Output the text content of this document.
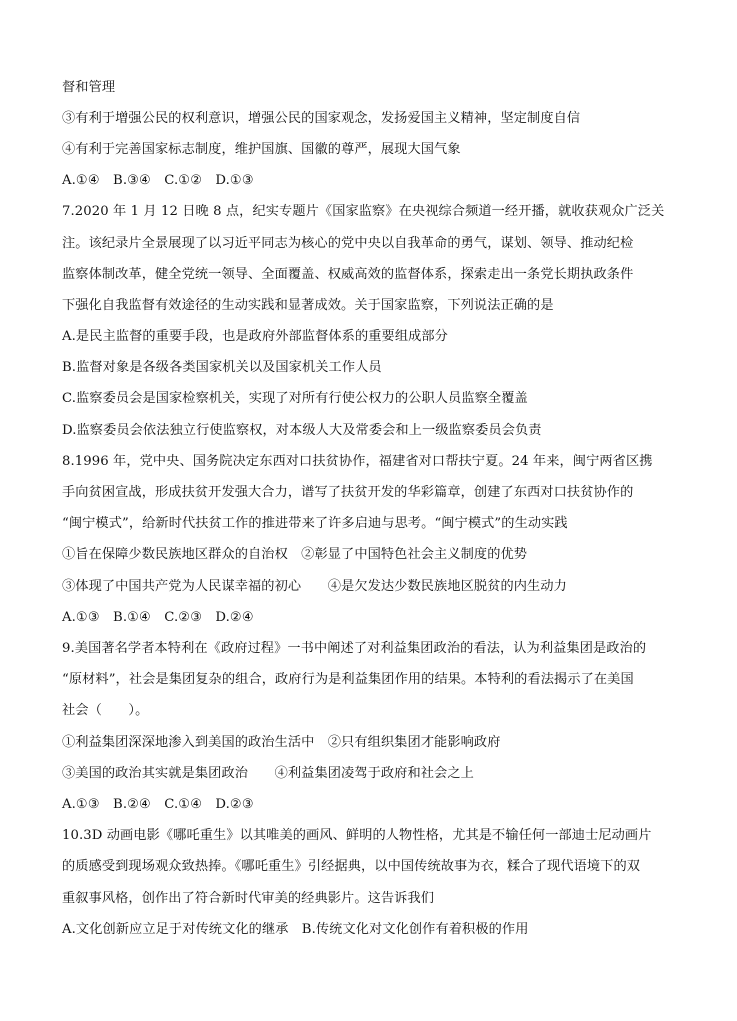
督和管理
③有利于增强公民的权利意识，增强公民的国家观念，发扬爱国主义精神，坚定制度自信
④有利于完善国家标志制度，维护国旗、国徽的尊严，展现大国气象
A.①④　B.③④　C.①②　D.①③
7.2020 年 1 月 12 日晚 8 点，纪实专题片《国家监察》在央视综合频道一经开播，就收获观众广泛关
注。该纪录片全景展现了以习近平同志为核心的党中央以自我革命的勇气，谋划、领导、推动纪检
监察体制改革，健全党统一领导、全面覆盖、权威高效的监督体系，探索走出一条党长期执政条件
下强化自我监督有效途径的生动实践和显著成效。关于国家监察，下列说法正确的是
A.是民主监督的重要手段，也是政府外部监督体系的重要组成部分
B.监督对象是各级各类国家机关以及国家机关工作人员
C.监察委员会是国家检察机关，实现了对所有行使公权力的公职人员监察全覆盖
D.监察委员会依法独立行使监察权，对本级人大及常委会和上一级监察委员会负责
8.1996 年，党中央、国务院决定东西对口扶贫协作，福建省对口帮扶宁夏。24 年来，闽宁两省区携
手向贫困宣战，形成扶贫开发强大合力，谱写了扶贫开发的华彩篇章，创建了东西对口扶贫协作的
“闽宁模式”，给新时代扶贫工作的推进带来了许多启迪与思考。“闽宁模式”的生动实践
①旨在保障少数民族地区群众的自治权　②彰显了中国特色社会主义制度的优势
③体现了中国共产党为人民谋幸福的初心　　④是欠发达少数民族地区脱贫的内生动力
A.①③　B.①④　C.②③　D.②④
9.美国著名学者本特利在《政府过程》一书中阐述了对利益集团政治的看法，认为利益集团是政治的
“原材料”，社会是集团复杂的组合，政府行为是利益集团作用的结果。本特利的看法揭示了在美国
社会（　　）。
①利益集团深深地渗入到美国的政治生活中　②只有组织集团才能影响政府
③美国的政治其实就是集团政治　　④利益集团凌驾于政府和社会之上
A.①③　B.②④　C.①④　D.②③
10.3D 动画电影《哪吒重生》以其唯美的画风、鲜明的人物性格，尤其是不输任何一部迪士尼动画片
的质感受到现场观众致热捧。《哪吒重生》引经据典，以中国传统故事为衣，糅合了现代语境下的双
重叙事风格，创作出了符合新时代审美的经典影片。这告诉我们
A.文化创新应立足于对传统文化的继承　B.传统文化对文化创作有着积极的作用
